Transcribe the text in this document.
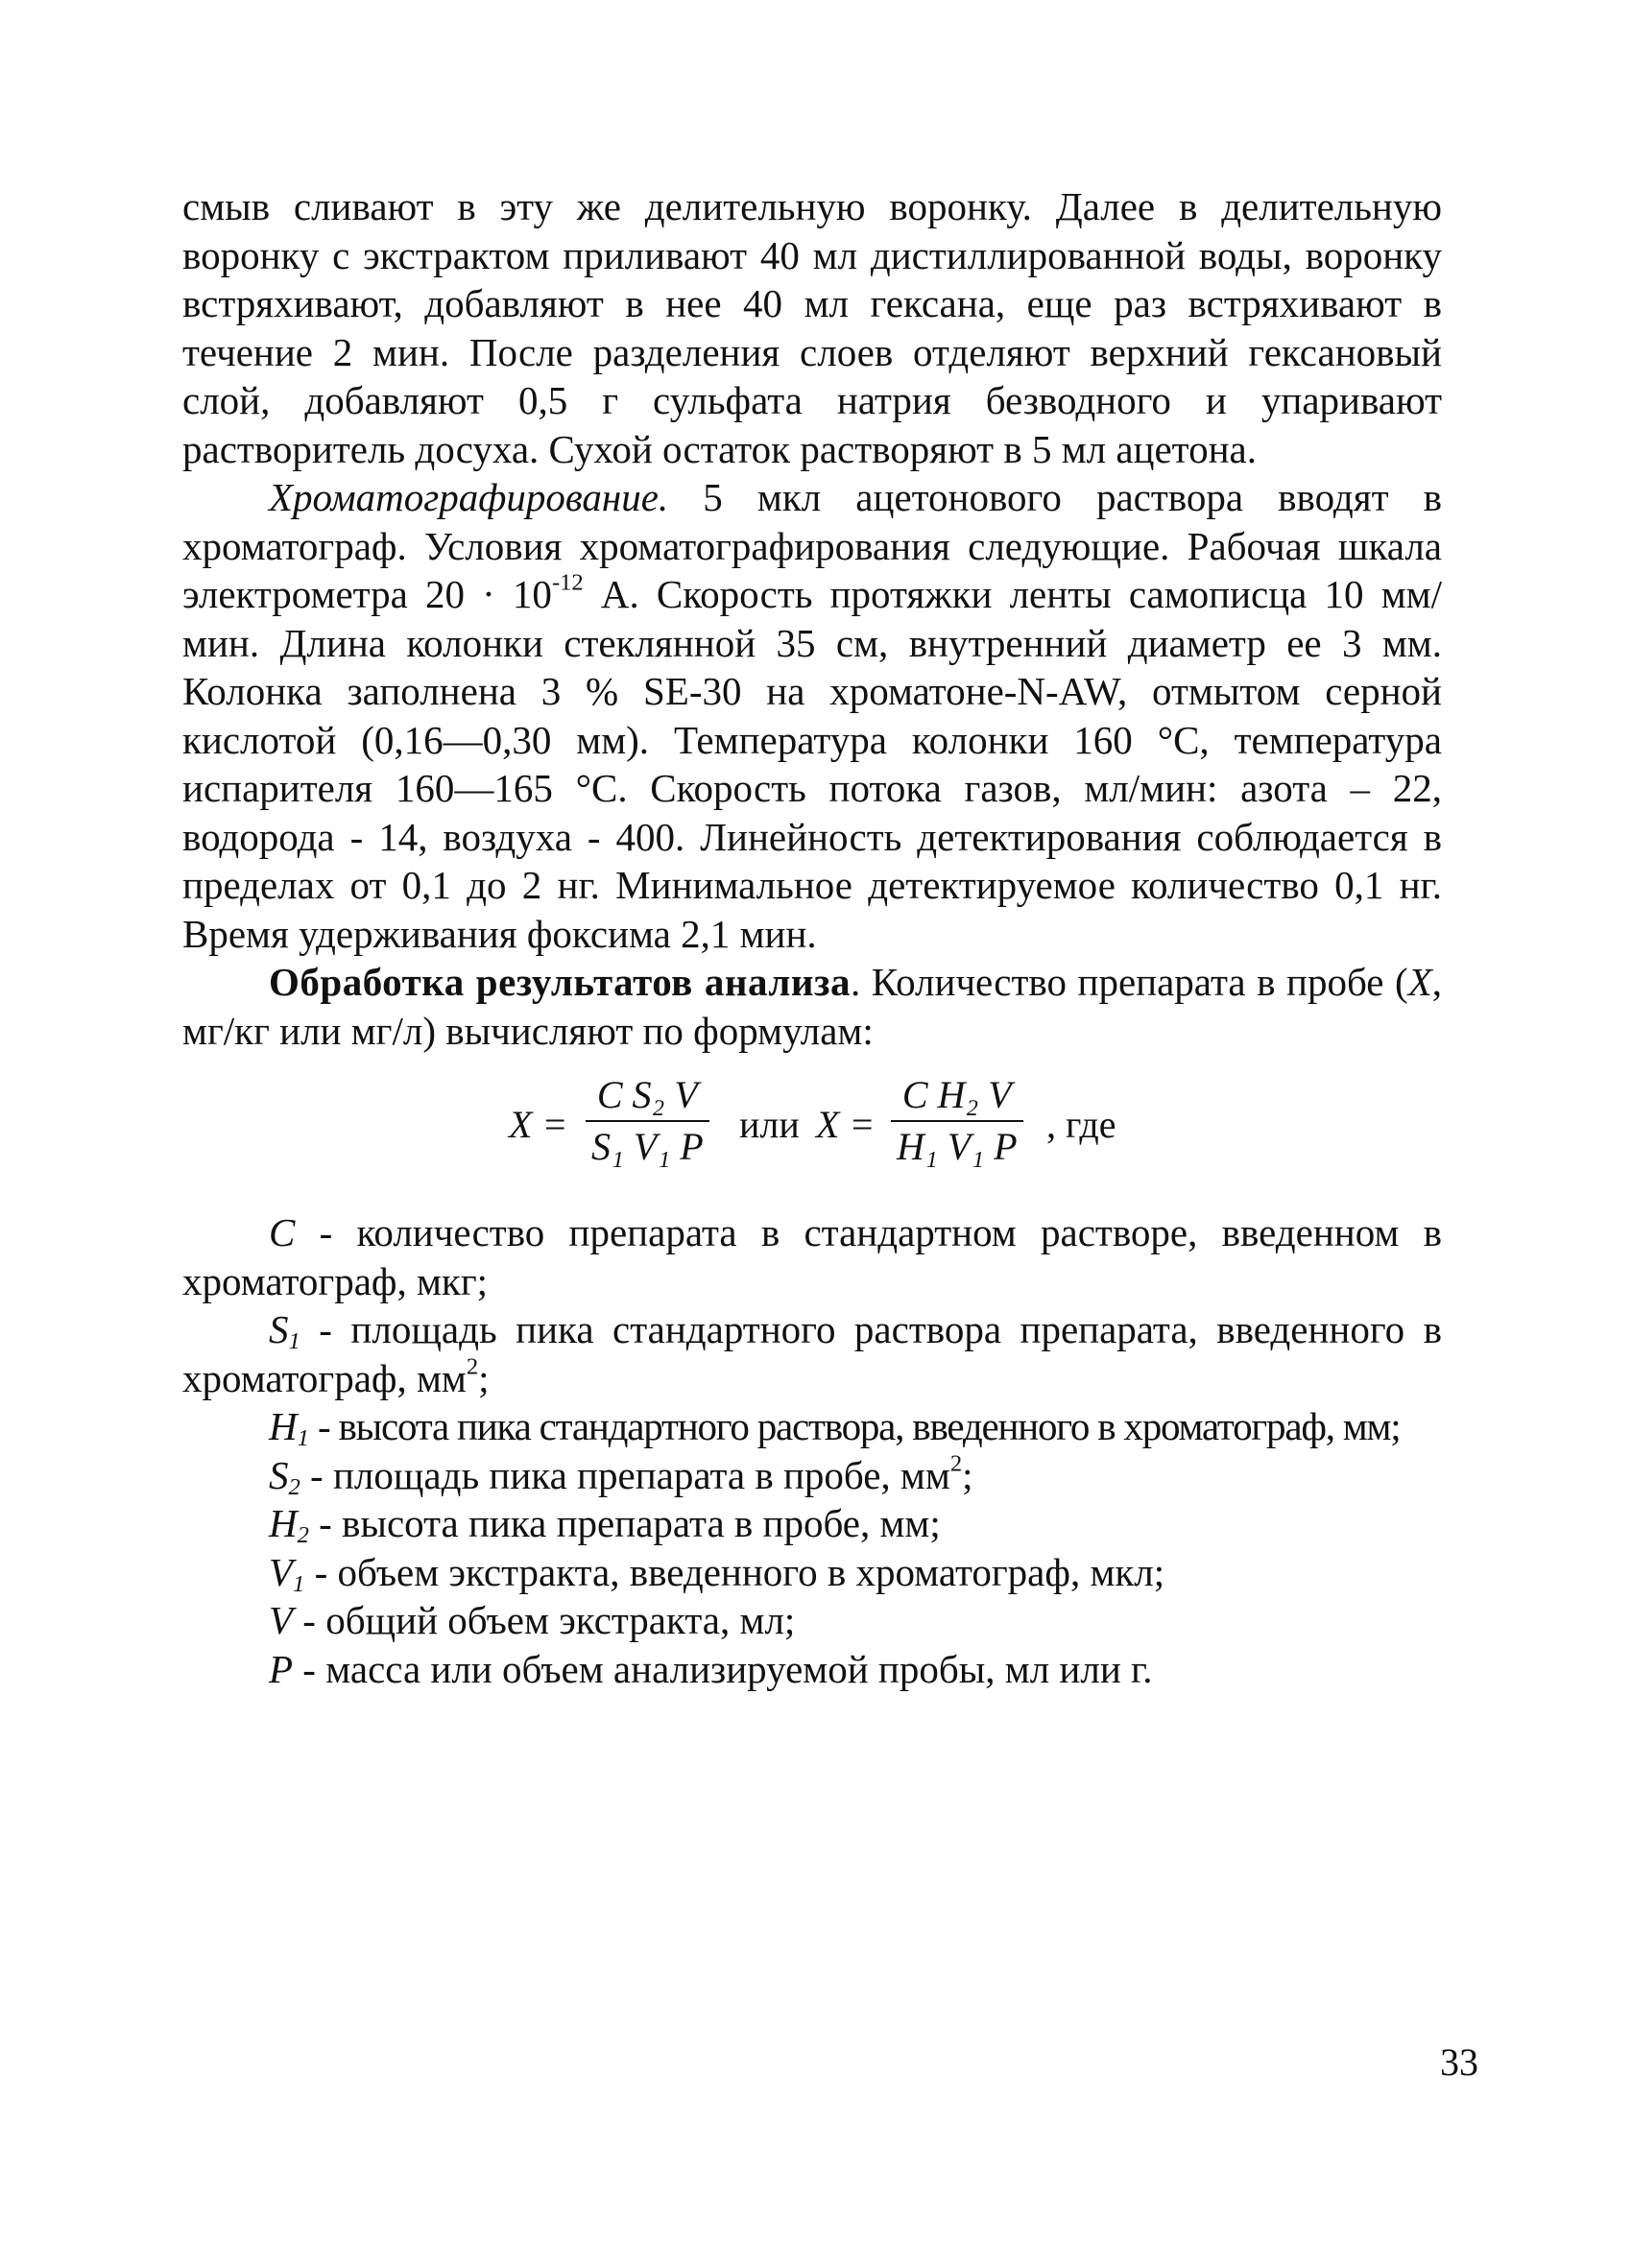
смыв сливают в эту же делительную воронку. Далее в делительную воронку с экстрактом приливают 40 мл дистиллированной воды, воронку встряхивают, добавляют в нее 40 мл гексана, еще раз встряхивают в течение 2 мин. После разделения слоев отделяют верхний гексановый слой, добавляют 0,5 г сульфата натрия безводного и упаривают растворитель досуха. Сухой остаток растворяют в 5 мл ацетона.

Хроматографирование. 5 мкл ацетонового раствора вводят в хроматограф. Условия хроматографирования следующие. Рабочая шкала электрометра $20 \cdot 10^{-12}$ А. Скорость протяжки ленты самописца 10 мм/мин. Длина колонки стеклянной 35 см, внутренний диаметр ее 3 мм. Колонка заполнена 3 % SE-30 на хроматоне-N-AW, отмытом серной кислотой (0,16—0,30 мм). Температура колонки 160 °С, температура испарителя 160—165 °С. Скорость потока газов, мл/мин: азота – 22, водорода - 14, воздуха - 400. Линейность детектирования соблюдается в пределах от 0,1 до 2 нг. Минимальное детектируемое количество 0,1 нг. Время удерживания фоксима 2,1 мин.

Обработка результатов анализа. Количество препарата в пробе (X, мг/кг или мг/л) вычисляют по формулам:

X =
C S₂ V
S₁ V₁ P
или X =
C H₂ V
H₁ V₁ P
, где

C - количество препарата в стандартном растворе, введенном в хроматограф, мкг;

$S_1$ - площадь пика стандартного раствора препарата, введенного в хроматограф, $мм^2$;

$H_1$ - высота пика стандартного раствора, введенного в хроматограф, мм;

$S_2$ - площадь пика препарата в пробе, $мм^2$;

$H_2$ - высота пика препарата в пробе, мм;

$V_1$ - объем экстракта, введенного в хроматограф, мкл;

V - общий объем экстракта, мл;

P - масса или объем анализируемой пробы, мл или г.

33
